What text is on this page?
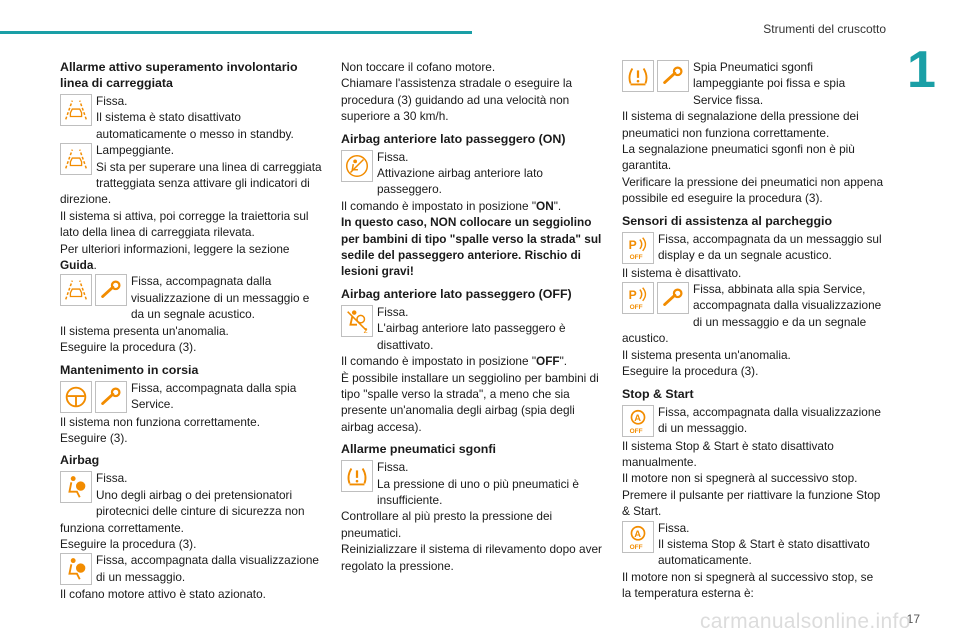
Strumenti del cruscotto
1
17
carmanualsonline.info
Allarme attivo superamento involontario linea di carreggiata
Fissa.
Il sistema è stato disattivato automaticamente o messo in standby.
Lampeggiante.
Si sta per superare una linea di carreggiata tratteggiata senza attivare gli indicatori di direzione.
Il sistema si attiva, poi corregge la traiettoria sul lato della linea di carreggiata rilevata.
Per ulteriori informazioni, leggere la sezione Guida.
Fissa, accompagnata dalla visualizzazione di un messaggio e da un segnale acustico.
Il sistema presenta un'anomalia.
Eseguire la procedura (3).
Mantenimento in corsia
Fissa, accompagnata dalla spia Service.
Il sistema non funziona correttamente.
Eseguire (3).
Airbag
Fissa.
Uno degli airbag o dei pretensionatori pirotecnici delle cinture di sicurezza non funziona correttamente.
Eseguire la procedura (3).
Fissa, accompagnata dalla visualizzazione di un messaggio.
Il cofano motore attivo è stato azionato.
Non toccare il cofano motore.
Chiamare l'assistenza stradale o eseguire la procedura (3) guidando ad una velocità non superiore a 30 km/h.
Airbag anteriore lato passeggero (ON)
Fissa.
Attivazione airbag anteriore lato passeggero.
Il comando è impostato in posizione "ON".
In questo caso, NON collocare un seggiolino per bambini di tipo "spalle verso la strada" sul sedile del passeggero anteriore. Rischio di lesioni gravi!
Airbag anteriore lato passeggero (OFF)
Fissa.
L'airbag anteriore lato passeggero è disattivato.
Il comando è impostato in posizione "OFF".
È possibile installare un seggiolino per bambini di tipo "spalle verso la strada", a meno che sia presente un'anomalia degli airbag (spia degli airbag accesa).
Allarme pneumatici sgonfi
Fissa.
La pressione di uno o più pneumatici è insufficiente.
Controllare al più presto la pressione dei pneumatici.
Reinizializzare il sistema di rilevamento dopo aver regolato la pressione.
Spia Pneumatici sgonfi lampeggiante poi fissa e spia Service fissa.
Il sistema di segnalazione della pressione dei pneumatici non funziona correttamente.
La segnalazione pneumatici sgonfi non è più garantita.
Verificare la pressione dei pneumatici non appena possibile ed eseguire la procedura (3).
Sensori di assistenza al parcheggio
Fissa, accompagnata da un messaggio sul display e da un segnale acustico.
Il sistema è disattivato.
Fissa, abbinata alla spia Service, accompagnata dalla visualizzazione di un messaggio e da un segnale acustico.
Il sistema presenta un'anomalia.
Eseguire la procedura (3).
Stop & Start
Fissa, accompagnata dalla visualizzazione di un messaggio.
Il sistema Stop & Start è stato disattivato manualmente.
Il motore non si spegnerà al successivo stop.
Premere il pulsante per riattivare la funzione Stop & Start.
Fissa.
Il sistema Stop & Start è stato disattivato automaticamente.
Il motore non si spegnerà al successivo stop, se la temperatura esterna è:
